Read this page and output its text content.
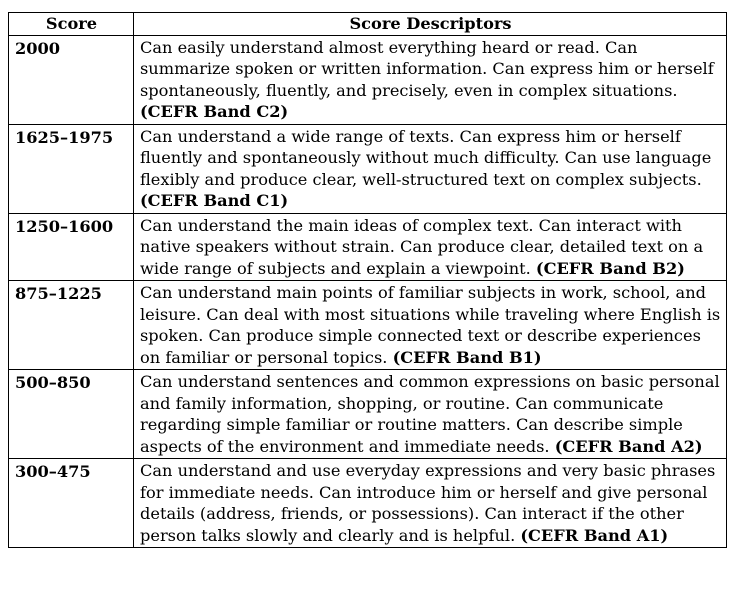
Score	Score Descriptors
2000	Can easily understand almost everything heard or read. Can summarize spoken or written information. Can express him or herself spontaneously, fluently, and precisely, even in complex situations. (CEFR Band C2)
1625–1975	Can understand a wide range of texts. Can express him or herself fluently and spontaneously without much difficulty. Can use language flexibly and produce clear, well-structured text on complex subjects. (CEFR Band C1)
1250–1600	Can understand the main ideas of complex text. Can interact with native speakers without strain. Can produce clear, detailed text on a wide range of subjects and explain a viewpoint. (CEFR Band B2)
875–1225	Can understand main points of familiar subjects in work, school, and leisure. Can deal with most situations while traveling where English is spoken. Can produce simple connected text or describe experiences on familiar or personal topics. (CEFR Band B1)
500–850	Can understand sentences and common expressions on basic personal and family information, shopping, or routine. Can communicate regarding simple familiar or routine matters. Can describe simple aspects of the environment and immediate needs. (CEFR Band A2)
300–475	Can understand and use everyday expressions and very basic phrases for immediate needs. Can introduce him or herself and give personal details (address, friends, or possessions). Can interact if the other person talks slowly and clearly and is helpful. (CEFR Band A1)
